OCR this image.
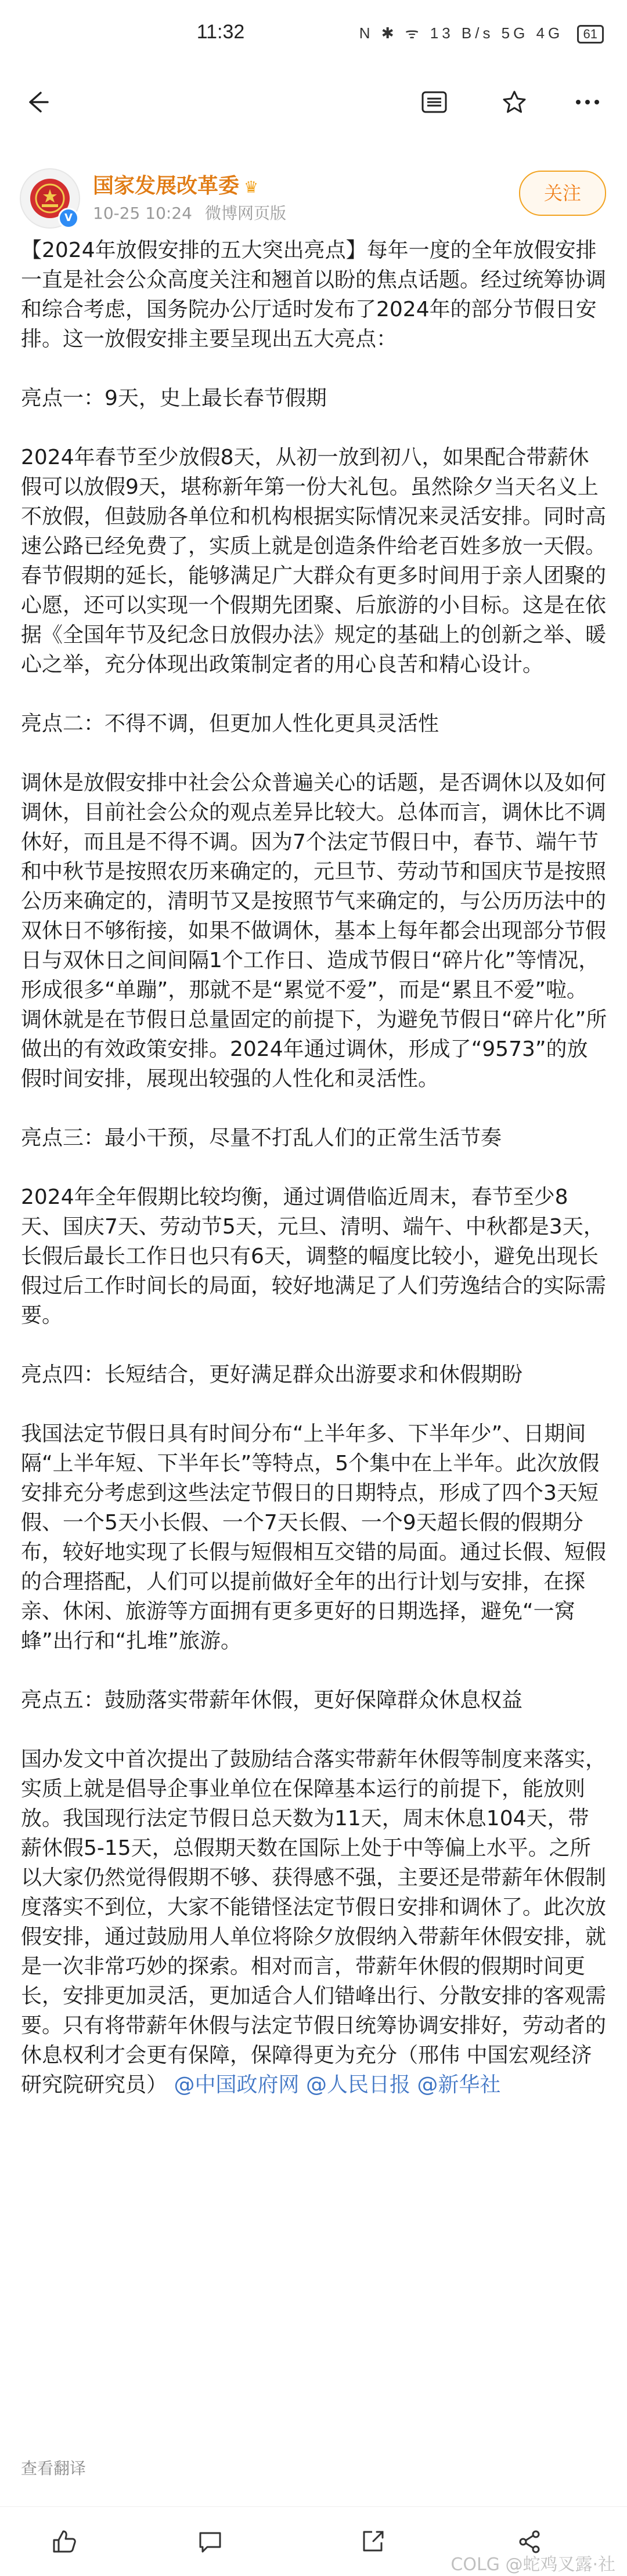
11:32	N ✱ ᯤ 13 B/s 5G 4G 61
V
国家发展改革委 ♛
10-25 10:24 微博网页版
关注

【2024年放假安排的五大突出亮点】每年一度的全年放假安排一直是社会公众高度关注和翘首以盼的焦点话题。经过统筹协调和综合考虑，国务院办公厅适时发布了2024年的部分节假日安排。这一放假安排主要呈现出五大亮点：

亮点一：9天，史上最长春节假期

2024年春节至少放假8天，从初一放到初八，如果配合带薪休假可以放假9天，堪称新年第一份大礼包。虽然除夕当天名义上不放假，但鼓励各单位和机构根据实际情况来灵活安排。同时高速公路已经免费了，实质上就是创造条件给老百姓多放一天假。春节假期的延长，能够满足广大群众有更多时间用于亲人团聚的心愿，还可以实现一个假期先团聚、后旅游的小目标。这是在依据《全国年节及纪念日放假办法》规定的基础上的创新之举、暖心之举，充分体现出政策制定者的用心良苦和精心设计。

亮点二：不得不调，但更加人性化更具灵活性

调休是放假安排中社会公众普遍关心的话题，是否调休以及如何调休，目前社会公众的观点差异比较大。总体而言，调休比不调休好，而且是不得不调。因为7个法定节假日中，春节、端午节和中秋节是按照农历来确定的，元旦节、劳动节和国庆节是按照公历来确定的，清明节又是按照节气来确定的，与公历历法中的双休日不够衔接，如果不做调休，基本上每年都会出现部分节假日与双休日之间间隔1个工作日、造成节假日“碎片化”等情况，形成很多“单蹦”，那就不是“累觉不爱”，而是“累且不爱”啦。调休就是在节假日总量固定的前提下，为避免节假日“碎片化”所做出的有效政策安排。2024年通过调休，形成了“9573”的放假时间安排，展现出较强的人性化和灵活性。

亮点三：最小干预，尽量不打乱人们的正常生活节奏

2024年全年假期比较均衡，通过调借临近周末，春节至少8天、国庆7天、劳动节5天，元旦、清明、端午、中秋都是3天，长假后最长工作日也只有6天，调整的幅度比较小，避免出现长假过后工作时间长的局面，较好地满足了人们劳逸结合的实际需要。

亮点四：长短结合，更好满足群众出游要求和休假期盼

我国法定节假日具有时间分布“上半年多、下半年少”、日期间隔“上半年短、下半年长”等特点，5个集中在上半年。此次放假安排充分考虑到这些法定节假日的日期特点，形成了四个3天短假、一个5天小长假、一个7天长假、一个9天超长假的假期分布，较好地实现了长假与短假相互交错的局面。通过长假、短假的合理搭配，人们可以提前做好全年的出行计划与安排，在探亲、休闲、旅游等方面拥有更多更好的日期选择，避免“一窝蜂”出行和“扎堆”旅游。

亮点五：鼓励落实带薪年休假，更好保障群众休息权益

国办发文中首次提出了鼓励结合落实带薪年休假等制度来落实，实质上就是倡导企事业单位在保障基本运行的前提下，能放则放。我国现行法定节假日总天数为11天，周末休息104天，带薪休假5-15天，总假期天数在国际上处于中等偏上水平。之所以大家仍然觉得假期不够、获得感不强，主要还是带薪年休假制度落实不到位，大家不能错怪法定节假日安排和调休了。此次放假安排，通过鼓励用人单位将除夕放假纳入带薪年休假安排，就是一次非常巧妙的探索。相对而言，带薪年休假的假期时间更长，安排更加灵活，更加适合人们错峰出行、分散安排的客观需要。只有将带薪年休假与法定节假日统筹协调安排好，劳动者的休息权利才会更有保障，保障得更为充分（邢伟 中国宏观经济研究院研究员） @中国政府网 @人民日报 @新华社

查看翻译
COLG @蛇鸡叉露·社
